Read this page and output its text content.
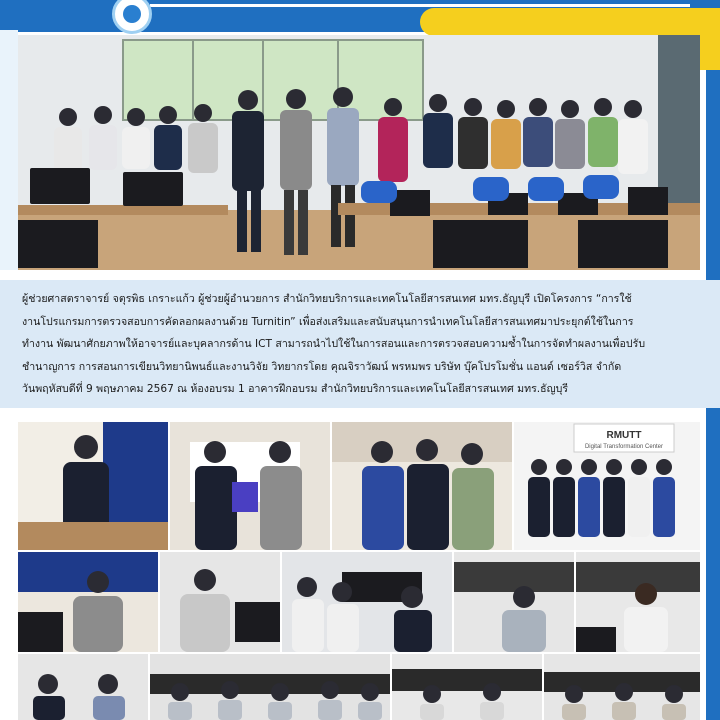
ผู้ช่วยศาสตราจารย์ จตุรพิธ เกราะแก้ว ผู้ช่วยผู้อำนวยการ สำนักวิทยบริการและเทคโนโลยีสารสนเทศ มทร.ธัญบุรี เปิดโครงการ “การใช้
งานโปรแกรมการตรวจสอบการคัดลอกผลงานด้วย Turnitin” เพื่อส่งเสริมและสนับสนุนการนำเทคโนโลยีสารสนเทศมาประยุกต์ใช้ในการ
ทำงาน พัฒนาศักยภาพให้อาจารย์และบุคลากรด้าน ICT สามารถนำไปใช้ในการสอนและการตรวจสอบความซ้ำในการจัดทำผลงานเพื่อปรับ
ชำนาญการ การสอนการเขียนวิทยานิพนธ์และงานวิจัย วิทยากรโดย คุณจิราวัฒน์ พรหมพร บริษัท บุ๊คโปรโมชั่น แอนด์ เซอร์วิส จำกัด
วันพฤหัสบดีที่ 9 พฤษภาคม 2567 ณ ห้องอบรม 1 อาคารฝึกอบรม สำนักวิทยบริการและเทคโนโลยีสารสนเทศ มทร.ธัญบุรี

RMUTT
Digital Transformation Center
